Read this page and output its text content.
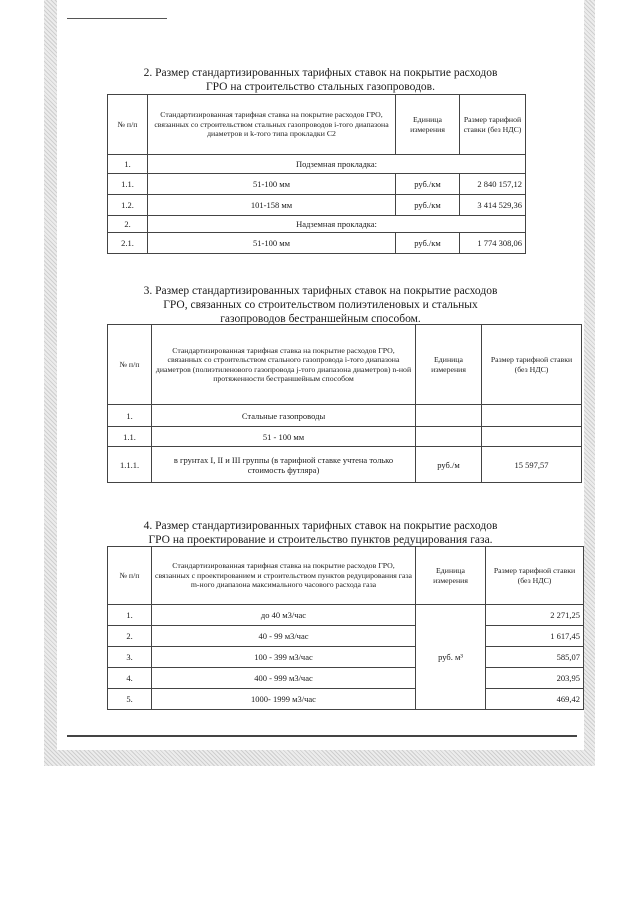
2. Размер стандартизированных тарифных ставок на покрытие расходов
ГРО на строительство стальных газопроводов.
№ п/п	Стандартизированная тарифная ставка на покрытие расходов ГРО, связанных со строительством стальных газопроводов i-того диапазона диаметров и k-того типа прокладки С2	Единица измерения	Размер тарифной ставки (без НДС)
1.	Подземная прокладка:		
1.1.	51-100 мм	руб./км	2 840 157,12
1.2.	101-158 мм	руб./км	3 414 529,36
2.	Надземная прокладка:		
2.1.	51-100 мм	руб./км	1 774 308,06
3. Размер стандартизированных тарифных ставок на покрытие расходов
ГРО, связанных со строительством полиэтиленовых и стальных
газопроводов бестраншейным способом.
№ п/п	Стандартизированная тарифная ставка на покрытие расходов ГРО, связанных со строительством стального газопровода i-того диапазона диаметров (полиэтиленового газопровода j-того диапазона диаметров) n-ной протяженности бестраншейным способом	Единица измерения	Размер тарифной ставки (без НДС)
1.	Стальные газопроводы		
1.1.	51 - 100 мм		
1.1.1.	в грунтах I, II и III группы (в тарифной ставке учтена только стоимость футляра)	руб./м	15 597,57
4. Размер стандартизированных тарифных ставок на покрытие расходов
ГРО на проектирование и строительство пунктов редуцирования газа.
№ п/п	Стандартизированная тарифная ставка на покрытие расходов ГРО, связанных с проектированием и строительством пунктов редуцирования газа m-ного диапазона максимального часового расхода газа	Единица измерения	Размер тарифной ставки (без НДС)
1.	до 40 м3/час	руб. м³	2 271,25
2.	40 - 99 м3/час		1 617,45
3.	100 - 399 м3/час		585,07
4.	400 - 999 м3/час		203,95
5.	1000- 1999 м3/час		469,42
